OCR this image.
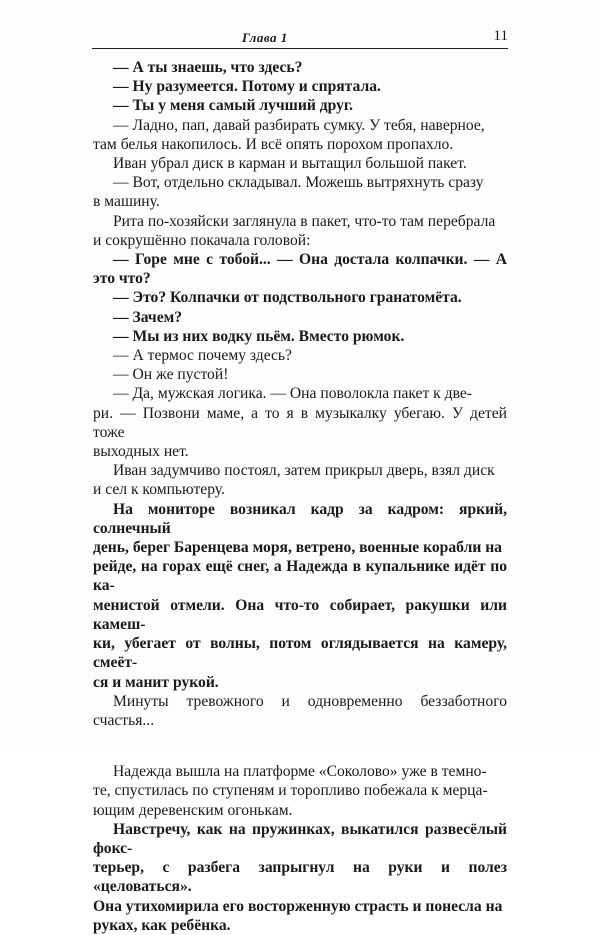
Глава 1	11

— А ты знаешь, что здесь?

— Ну разумеется. Потому и спрятала.

— Ты у меня самый лучший друг.

— Ладно, пап, давай разбирать сумку. У тебя, наверное,
там белья накопилось. И всё опять порохом пропахло.

Иван убрал диск в карман и вытащил большой пакет.

— Вот, отдельно складывал. Можешь вытряхнуть сразу
в машину.

Рита по-хозяйски заглянула в пакет, что-то там перебрала
и сокрушённо покачала головой:

— Горе мне с тобой... — Она достала колпачки. — А это что?

— Это? Колпачки от подствольного гранатомёта.

— Зачем?

— Мы из них водку пьём. Вместо рюмок.

— А термос почему здесь?

— Он же пустой!

— Да, мужская логика. — Она поволокла пакет к две-
ри. — Позвони маме, а то я в музыкалку убегаю. У детей тоже
выходных нет.

Иван задумчиво постоял, затем прикрыл дверь, взял диск
и сел к компьютеру.

На мониторе возникал кадр за кадром: яркий, солнечный
день, берег Баренцева моря, ветрено, военные корабли на
рейде, на горах ещё снег, а Надежда в купальнике идёт по ка-
менистой отмели. Она что-то собирает, ракушки или камеш-
ки, убегает от волны, потом оглядывается на камеру, смеёт-
ся и манит рукой.

Минуты тревожного и одновременно беззаботного счастья...

Надежда вышла на платформе «Соколово» уже в темно-
те, спустилась по ступеням и торопливо побежала к мерца-
ющим деревенским огонькам.

Навстречу, как на пружинках, выкатился развесёлый фокс-
терьер, с разбега запрыгнул на руки и полез «целоваться».
Она утихомирила его восторженную страсть и понесла на
руках, как ребёнка.
